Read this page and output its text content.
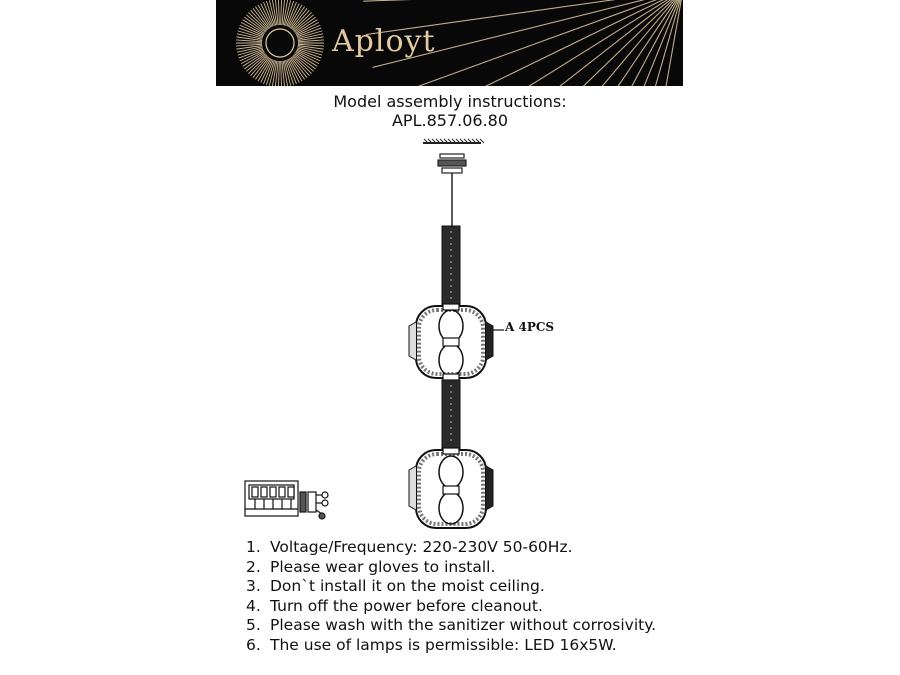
Aployt
Model assembly instructions:
APL.857.06.80
A 4PCS
1. Voltage/Frequency: 220-230V 50-60Hz.
2. Please wear gloves to install.
3. Don`t install it on the moist ceiling.
4. Turn off the power before cleanout.
5. Please wash with the sanitizer without corrosivity.
6. The use of lamps is permissible: LED 16x5W.
